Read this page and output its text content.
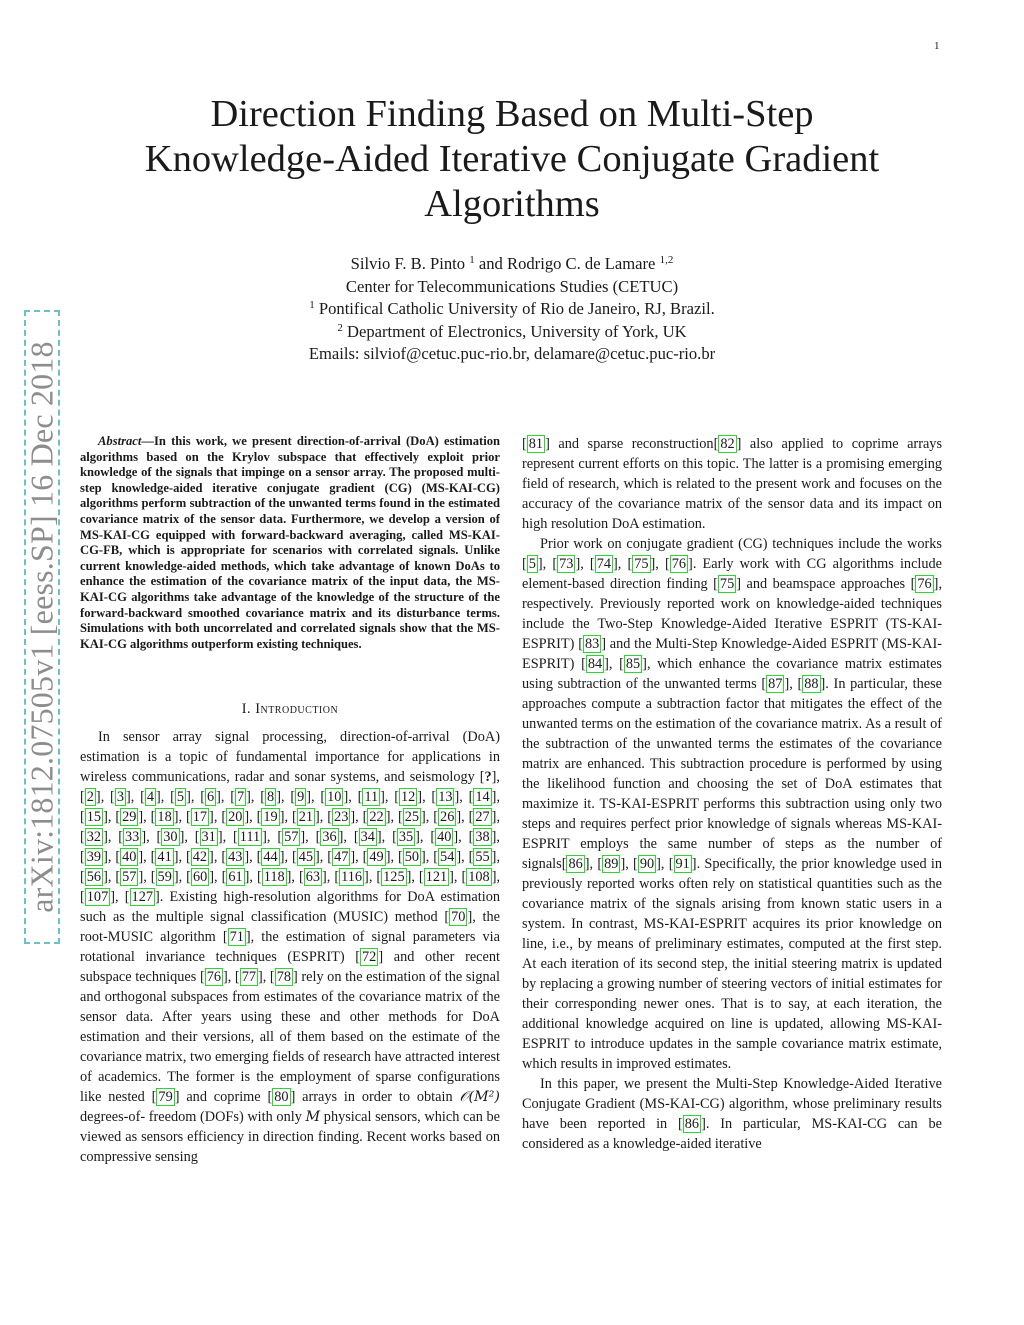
1
arXiv:1812.07505v1 [eess.SP] 16 Dec 2018
Direction Finding Based on Multi-Step
Knowledge-Aided Iterative Conjugate Gradient
Algorithms
Silvio F. B. Pinto $^1$ and Rodrigo C. de Lamare $^{1,2}$
Center for Telecommunications Studies (CETUC)
$^1$ Pontifical Catholic University of Rio de Janeiro, RJ, Brazil.
$^2$ Department of Electronics, University of York, UK
Emails: silviof@cetuc.puc-rio.br, delamare@cetuc.puc-rio.br

Abstract—In this work, we present direction-of-arrival (DoA) estimation algorithms based on the Krylov subspace that effectively exploit prior knowledge of the signals that impinge on a sensor array. The proposed multi-step knowledge-aided iterative conjugate gradient (CG) (MS-KAI-CG) algorithms perform subtraction of the unwanted terms found in the estimated covariance matrix of the sensor data. Furthermore, we develop a version of MS-KAI-CG equipped with forward-backward averaging, called MS-KAI-CG-FB, which is appropriate for scenarios with correlated signals. Unlike current knowledge-aided methods, which take advantage of known DoAs to enhance the estimation of the covariance matrix of the input data, the MS-KAI-CG algorithms take advantage of the knowledge of the structure of the forward-backward smoothed covariance matrix and its disturbance terms. Simulations with both uncorrelated and correlated signals show that the MS-KAI-CG algorithms outperform existing techniques.

I. Introduction

In sensor array signal processing, direction-of-arrival (DoA) estimation is a topic of fundamental importance for applications in wireless communications, radar and sonar systems, and seismology [?], [ 2 ], [ 3 ], [ 4 ], [ 5 ], [ 6 ], [ 7 ], [ 8 ], [ 9 ], [ 10 ], [ 11 ], [ 12 ], [ 13 ], [ 14 ], [ 15 ], [ 29 ], [ 18 ], [ 17 ], [ 20 ], [ 19 ], [ 21 ], [ 23 ], [ 22 ], [ 25 ], [ 26 ], [ 27 ], [ 32 ], [ 33 ], [ 30 ], [ 31 ], [ 111 ], [ 57 ], [ 36 ], [ 34 ], [ 35 ], [ 40 ], [ 38 ], [ 39 ], [ 40 ], [ 41 ], [ 42 ], [ 43 ], [ 44 ], [ 45 ], [ 47 ], [ 49 ], [ 50 ], [ 54 ], [ 55 ], [ 56 ], [ 57 ], [ 59 ], [ 60 ], [ 61 ], [ 118 ], [ 63 ], [ 116 ], [ 125 ], [ 121 ], [ 108 ], [ 107 ], [ 127 ]. Existing high-resolution algorithms for DoA estimation such as the multiple signal classification (MUSIC) method [ 70 ], the root-MUSIC algorithm [ 71 ], the estimation of signal parameters via rotational invariance techniques (ESPRIT) [ 72 ] and other recent subspace techniques [ 76 ], [ 77 ], [ 78 ] rely on the estimation of the signal and orthogonal subspaces from estimates of the covariance matrix of the sensor data. After years using these and other methods for DoA estimation and their versions, all of them based on the estimate of the covariance matrix, two emerging fields of research have attracted interest of academics. The former is the employment of sparse configurations like nested [ 79 ] and coprime [ 80 ] arrays in order to obtain 𝒪(M²) degrees-of- freedom (DOFs) with only M physical sensors, which can be viewed as sensors efficiency in direction finding. Recent works based on compressive sensing

[ 81 ] and sparse reconstruction[ 82 ] also applied to coprime arrays represent current efforts on this topic. The latter is a promising emerging field of research, which is related to the present work and focuses on the accuracy of the covariance matrix of the sensor data and its impact on high resolution DoA estimation.

Prior work on conjugate gradient (CG) techniques include the works [ 5 ], [ 73 ], [ 74 ], [ 75 ], [ 76 ]. Early work with CG algorithms include element-based direction finding [ 75 ] and beamspace approaches [ 76 ], respectively. Previously reported work on knowledge-aided techniques include the Two-Step Knowledge-Aided Iterative ESPRIT (TS-KAI-ESPRIT) [ 83 ] and the Multi-Step Knowledge-Aided ESPRIT (MS-KAI-ESPRIT) [ 84 ], [ 85 ], which enhance the covariance matrix estimates using subtraction of the unwanted terms [ 87 ], [ 88 ]. In particular, these approaches compute a subtraction factor that mitigates the effect of the unwanted terms on the estimation of the covariance matrix. As a result of the subtraction of the unwanted terms the estimates of the covariance matrix are enhanced. This subtraction procedure is performed by using the likelihood function and choosing the set of DoA estimates that maximize it. TS-KAI-ESPRIT performs this subtraction using only two steps and requires perfect prior knowledge of signals whereas MS-KAI-ESPRIT employs the same number of steps as the number of signals[ 86 ], [ 89 ], [ 90 ], [ 91 ]. Specifically, the prior knowledge used in previously reported works often rely on statistical quantities such as the covariance matrix of the signals arising from known static users in a system. In contrast, MS-KAI-ESPRIT acquires its prior knowledge on line, i.e., by means of preliminary estimates, computed at the first step. At each iteration of its second step, the initial steering matrix is updated by replacing a growing number of steering vectors of initial estimates for their corresponding newer ones. That is to say, at each iteration, the additional knowledge acquired on line is updated, allowing MS-KAI-ESPRIT to introduce updates in the sample covariance matrix estimate, which results in improved estimates.

In this paper, we present the Multi-Step Knowledge-Aided Iterative Conjugate Gradient (MS-KAI-CG) algorithm, whose preliminary results have been reported in [ 86 ]. In particular, MS-KAI-CG can be considered as a knowledge-aided iterative
